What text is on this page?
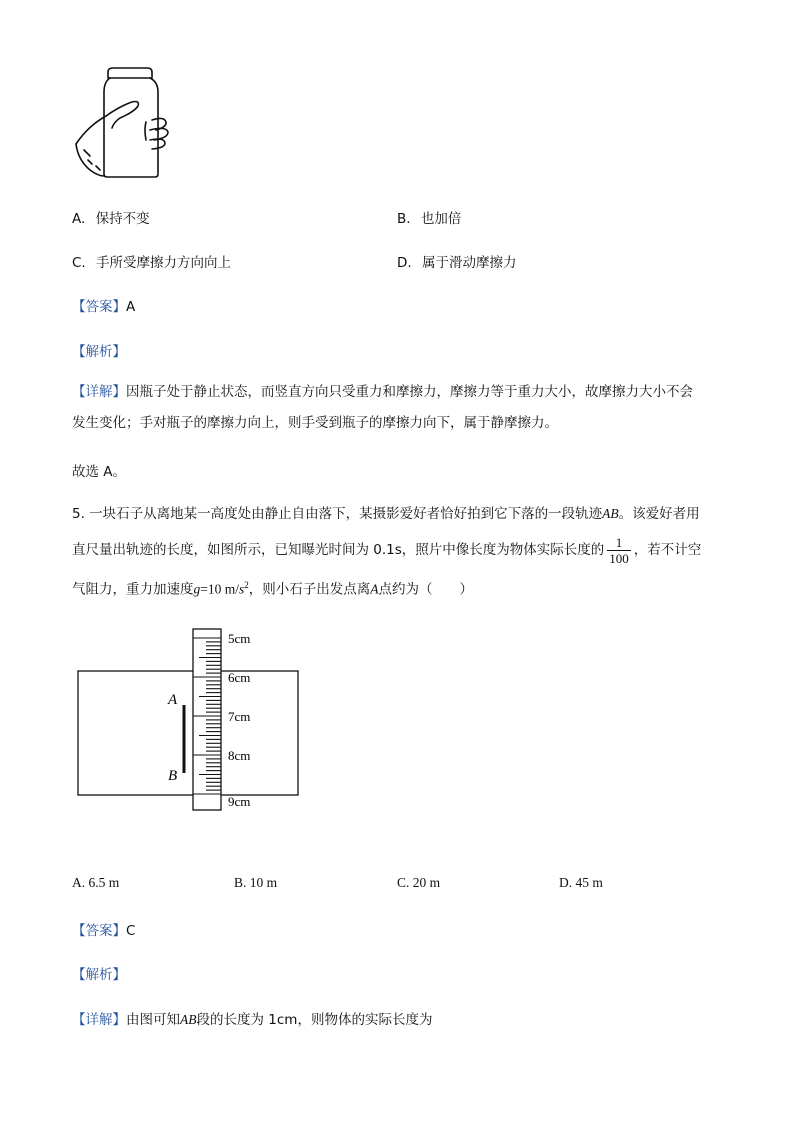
A. 保持不变	B. 也加倍
C. 手所受摩擦力方向向上	D. 属于滑动摩擦力
【答案】A
【解析】
【详解】因瓶子处于静止状态，而竖直方向只受重力和摩擦力，摩擦力等于重力大小，故摩擦力大小不会
发生变化；手对瓶子的摩擦力向上，则手受到瓶子的摩擦力向下，属于静摩擦力。
故选 A。
5. 一块石子从离地某一高度处由静止自由落下，某摄影爱好者恰好拍到它下落的一段轨迹AB。该爱好者用
直尺量出轨迹的长度，如图所示，已知曝光时间为 0.1s，照片中像长度为物体实际长度的 $\frac{1}{100}$ ，若不计空
气阻力，重力加速度g=10 $m/s^2$，则小石子出发点离A点约为（　　）
5cm
6cm
7cm
8cm
9cm
A
B
A. 6.5 m	B. 10 m	C. 20 m	D. 45 m
【答案】C
【解析】
【详解】由图可知AB段的长度为 1cm，则物体的实际长度为
